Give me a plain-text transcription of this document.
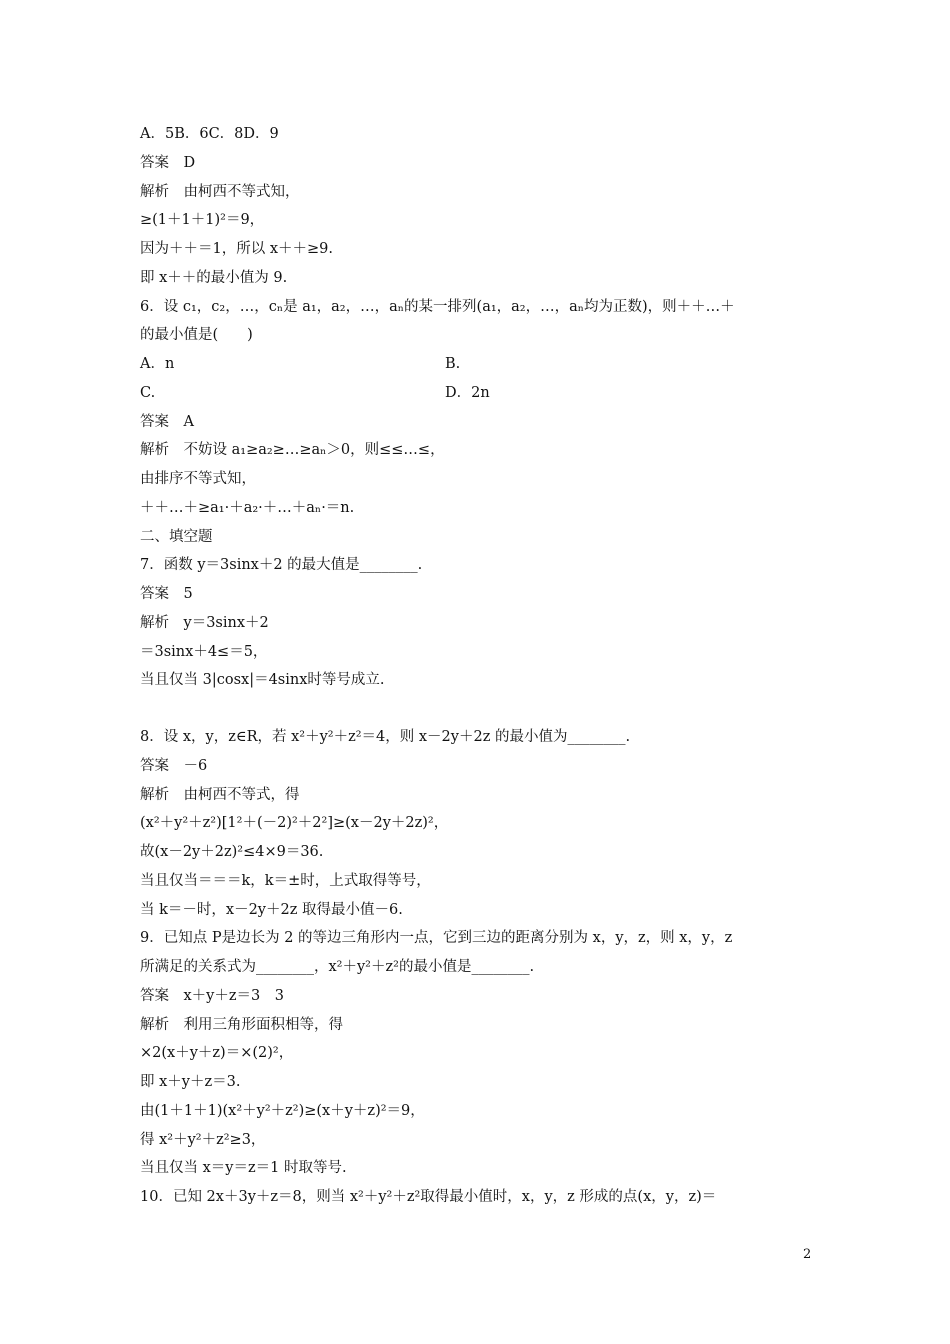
A．5B．6C．8D．9
答案　D
解析　由柯西不等式知，
≥(1＋1＋1)²＝9，
因为＋＋＝1，所以 x＋＋≥9.
即 x＋＋的最小值为 9.
6．设 c₁，c₂，…，cₙ是 a₁，a₂，…，aₙ的某一排列(a₁，a₂，…，aₙ均为正数)，则＋＋…＋
的最小值是(　　)
A．n	B.
C.	D．2n
答案　A
解析　不妨设 a₁≥a₂≥…≥aₙ＞0，则≤≤…≤，
由排序不等式知，
＋＋…＋≥a₁·＋a₂·＋…＋aₙ·＝n.
二、填空题
7．函数 y＝3sinx＋2 的最大值是________.
答案　5
解析　y＝3sinx＋2
＝3sinx＋4≤＝5，
当且仅当 3|cosx|＝4sinx时等号成立.
8．设 x，y，z∈R，若 x²＋y²＋z²＝4，则 x－2y＋2z 的最小值为________.
答案　－6
解析　由柯西不等式，得
(x²＋y²＋z²)[1²＋(－2)²＋2²]≥(x－2y＋2z)²，
故(x－2y＋2z)²≤4×9＝36.
当且仅当＝＝＝k，k＝±时，上式取得等号，
当 k＝－时，x－2y＋2z 取得最小值－6.
9．已知点 P是边长为 2 的等边三角形内一点，它到三边的距离分别为 x，y，z，则 x，y，z
所满足的关系式为________，x²＋y²＋z²的最小值是________.
答案　x＋y＋z＝3　3
解析　利用三角形面积相等，得
×2(x＋y＋z)＝×(2)²，
即 x＋y＋z＝3.
由(1＋1＋1)(x²＋y²＋z²)≥(x＋y＋z)²＝9，
得 x²＋y²＋z²≥3，
当且仅当 x＝y＝z＝1 时取等号.
10．已知 2x＋3y＋z＝8，则当 x²＋y²＋z²取得最小值时，x，y，z 形成的点(x，y，z)＝
2
